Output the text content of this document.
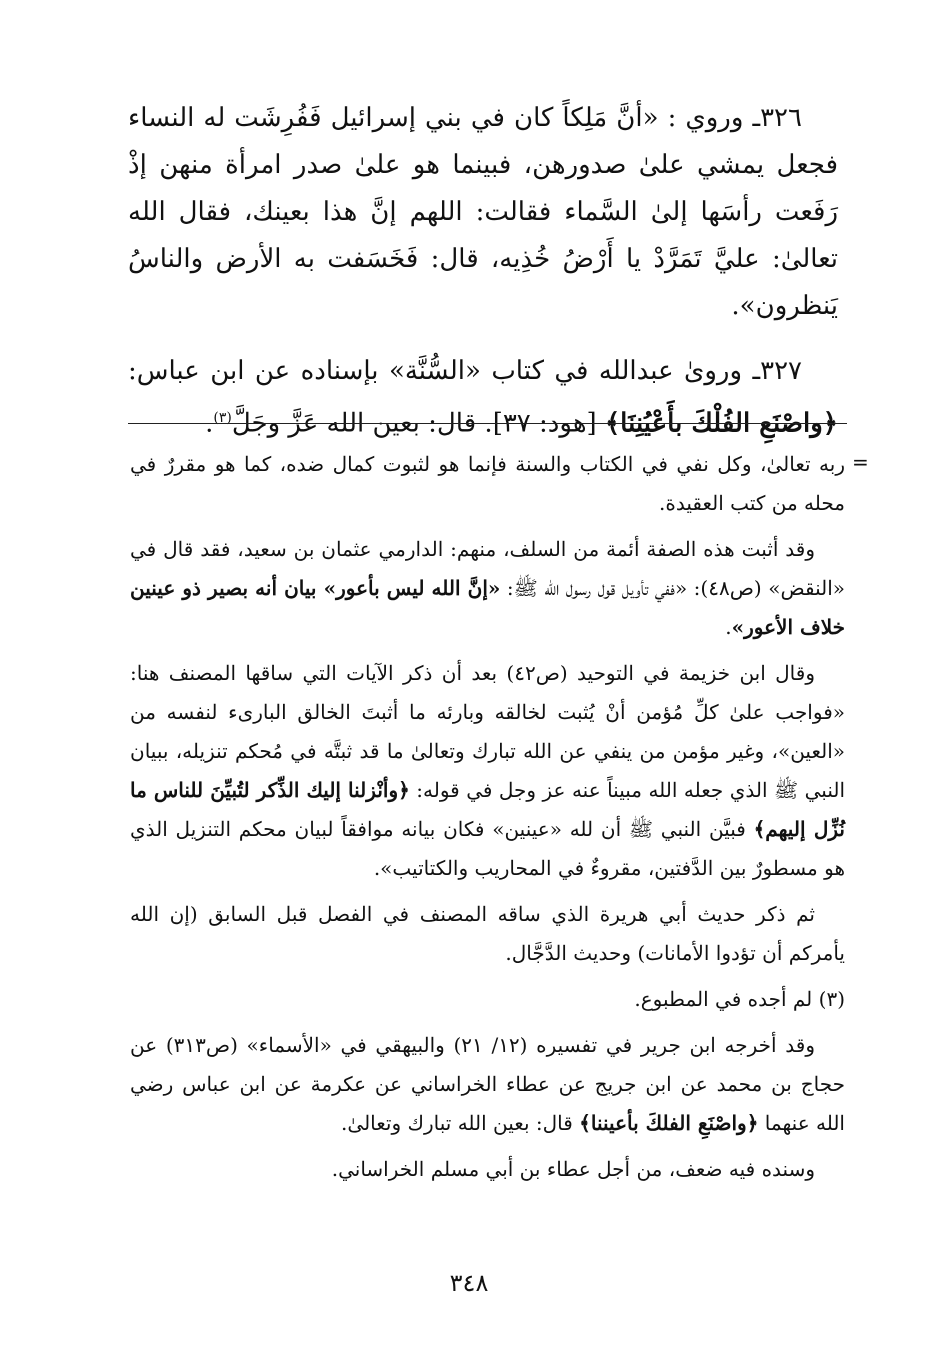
٣٢٦ـ وروي : «أنَّ مَلِكاً كان في بني إسرائيل فَفُرِشَت له النساء فجعل يمشي علىٰ صدورهن، فبينما هو علىٰ صدر امرأة منهن إذْ رَفَعت رأسَها إلىٰ السَّماء فقالت: اللهم إنَّ هذا بعينك، فقال الله تعالىٰ: عليَّ تَمَرَّدْ يا أَرْضُ خُذِيه، قال: فَخَسَفت به الأرض والناسُ يَنظرون».

٣٢٧ـ وروىٰ عبدالله في كتاب «السُّنَّة» بإسناده عن ابن عباس: ﴿واصْنَعِ الفُلْكَ بأَعْيُنِنَا﴾ [هود: ٣٧]. قال: بعين الله عَزَّ وجَلَّ$^{(٣)}$.

=

ربه تعالىٰ، وكل نفي في الكتاب والسنة فإنما هو لثبوت كمال ضده، كما هو مقررٌ في محله من كتب العقيدة.

وقد أثبت هذه الصفة أئمة من السلف، منهم: الدارمي عثمان بن سعيد، فقد قال في «النقض» (ص٤٨): «ففي تأويل قول رسول الله ﷺ: «إنَّ الله ليس بأعور» بيان أنه بصير ذو عينين خلاف الأعور».

وقال ابن خزيمة في التوحيد (ص٤٢) بعد أن ذكر الآيات التي ساقها المصنف هنا: «فواجب علىٰ كلِّ مُؤمن أنْ يُثبت لخالقه وبارئه ما أثبتَ الخالق البارىء لنفسه من «العين»، وغير مؤمن من ينفي عن الله تبارك وتعالىٰ ما قد ثبتَّه في مُحكم تنزيله، ببيان النبي ﷺ الذي جعله الله مبيناً عنه عز وجل في قوله: ﴿وأنْزلنا إليك الذِّكر لتُبيِّنَ للناس ما نُزِّل إليهم﴾ فبيَّن النبي ﷺ أن لله «عينين» فكان بيانه موافقاً لبيان محكم التنزيل الذي هو مسطورٌ بين الدَّفتين، مقروءٌ في المحاريب والكتاتيب».

ثم ذكر حديث أبي هريرة الذي ساقه المصنف في الفصل قبل السابق (إن الله يأمركم أن تؤدوا الأمانات) وحديث الدَّجَّال.

(٣) لم أجده في المطبوع.

وقد أخرجه ابن جرير في تفسيره (١٢/ ٢١) والبيهقي في «الأسماء» (ص٣١٣) عن حجاج بن محمد عن ابن جريج عن عطاء الخراساني عن عكرمة عن ابن عباس رضي الله عنهما ﴿واصْنَعِ الفلكَ بأعيننا﴾ قال: بعين الله تبارك وتعالىٰ.

وسنده فيه ضعف، من أجل عطاء بن أبي مسلم الخراساني.

٣٤٨
